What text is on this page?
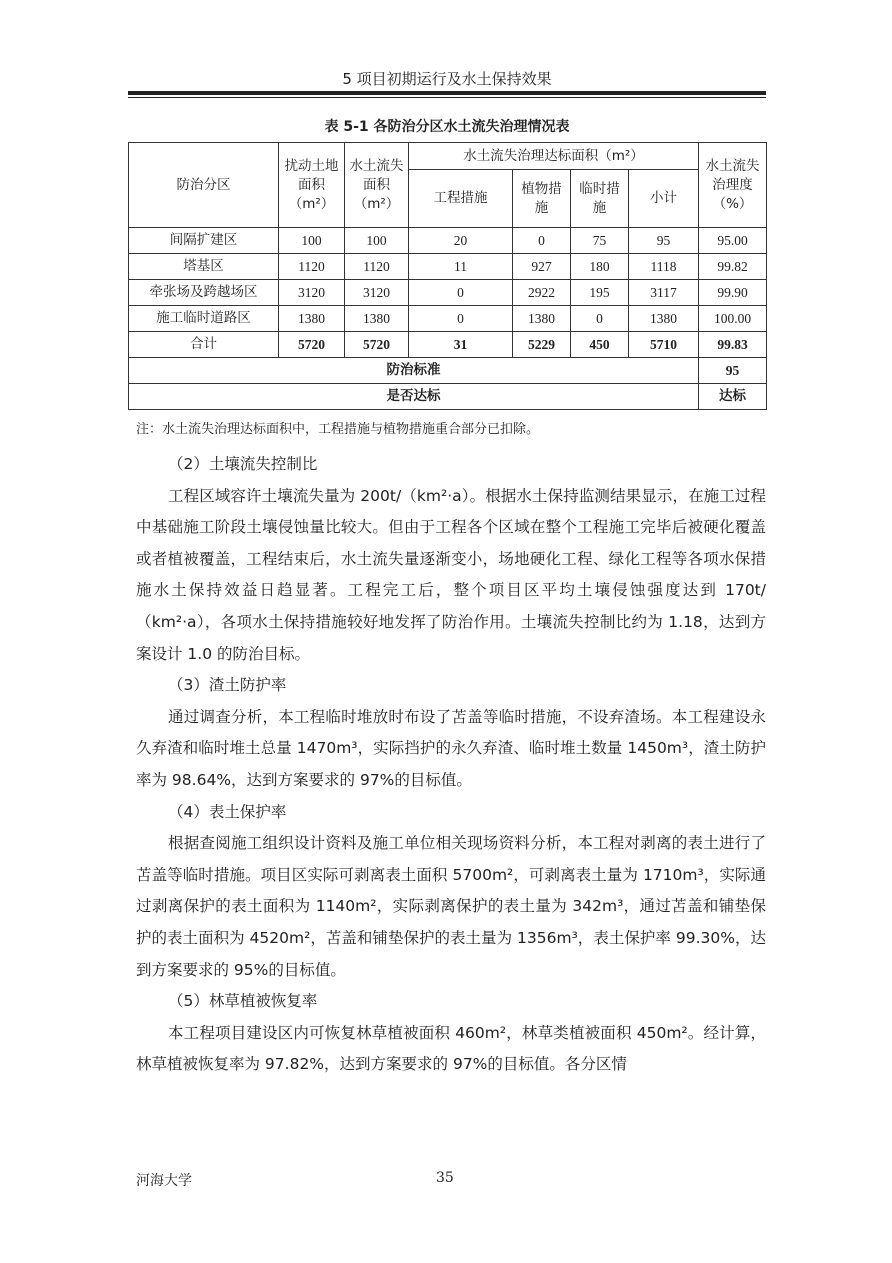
5 项目初期运行及水土保持效果
表 5-1 各防治分区水土流失治理情况表
防治分区	扰动土地面积（m²）	水土流失面积（m²）	水土流失治理达标面积（m²）				水土流失治理度（%）
			工程措施	植物措施	临时措施	小计	
间隔扩建区	100	100	20	0	75	95	95.00
塔基区	1120	1120	11	927	180	1118	99.82
牵张场及跨越场区	3120	3120	0	2922	195	3117	99.90
施工临时道路区	1380	1380	0	1380	0	1380	100.00
合计	5720	5720	31	5229	450	5710	99.83
防治标准							95
是否达标							达标
注：水土流失治理达标面积中，工程措施与植物措施重合部分已扣除。

（2）土壤流失控制比

工程区域容许土壤流失量为 200t/（km²·a）。根据水土保持监测结果显示，在施工过程中基础施工阶段土壤侵蚀量比较大。但由于工程各个区域在整个工程施工完毕后被硬化覆盖或者植被覆盖，工程结束后，水土流失量逐渐变小，场地硬化工程、绿化工程等各项水保措施水土保持效益日趋显著。工程完工后，整个项目区平均土壤侵蚀强度达到 170t/（km²·a），各项水土保持措施较好地发挥了防治作用。土壤流失控制比约为 1.18，达到方案设计 1.0 的防治目标。

（3）渣土防护率

通过调查分析，本工程临时堆放时布设了苫盖等临时措施，不设弃渣场。本工程建设永久弃渣和临时堆土总量 1470m³，实际挡护的永久弃渣、临时堆土数量 1450m³，渣土防护率为 98.64%，达到方案要求的 97%的目标值。

（4）表土保护率

根据查阅施工组织设计资料及施工单位相关现场资料分析，本工程对剥离的表土进行了苫盖等临时措施。项目区实际可剥离表土面积 5700m²，可剥离表土量为 1710m³，实际通过剥离保护的表土面积为 1140m²，实际剥离保护的表土量为 342m³，通过苫盖和铺垫保护的表土面积为 4520m²，苫盖和铺垫保护的表土量为 1356m³，表土保护率 99.30%，达到方案要求的 95%的目标值。

（5）林草植被恢复率

本工程项目建设区内可恢复林草植被面积 460m²，林草类植被面积 450m²。经计算，林草植被恢复率为 97.82%，达到方案要求的 97%的目标值。各分区情

河海大学	35
